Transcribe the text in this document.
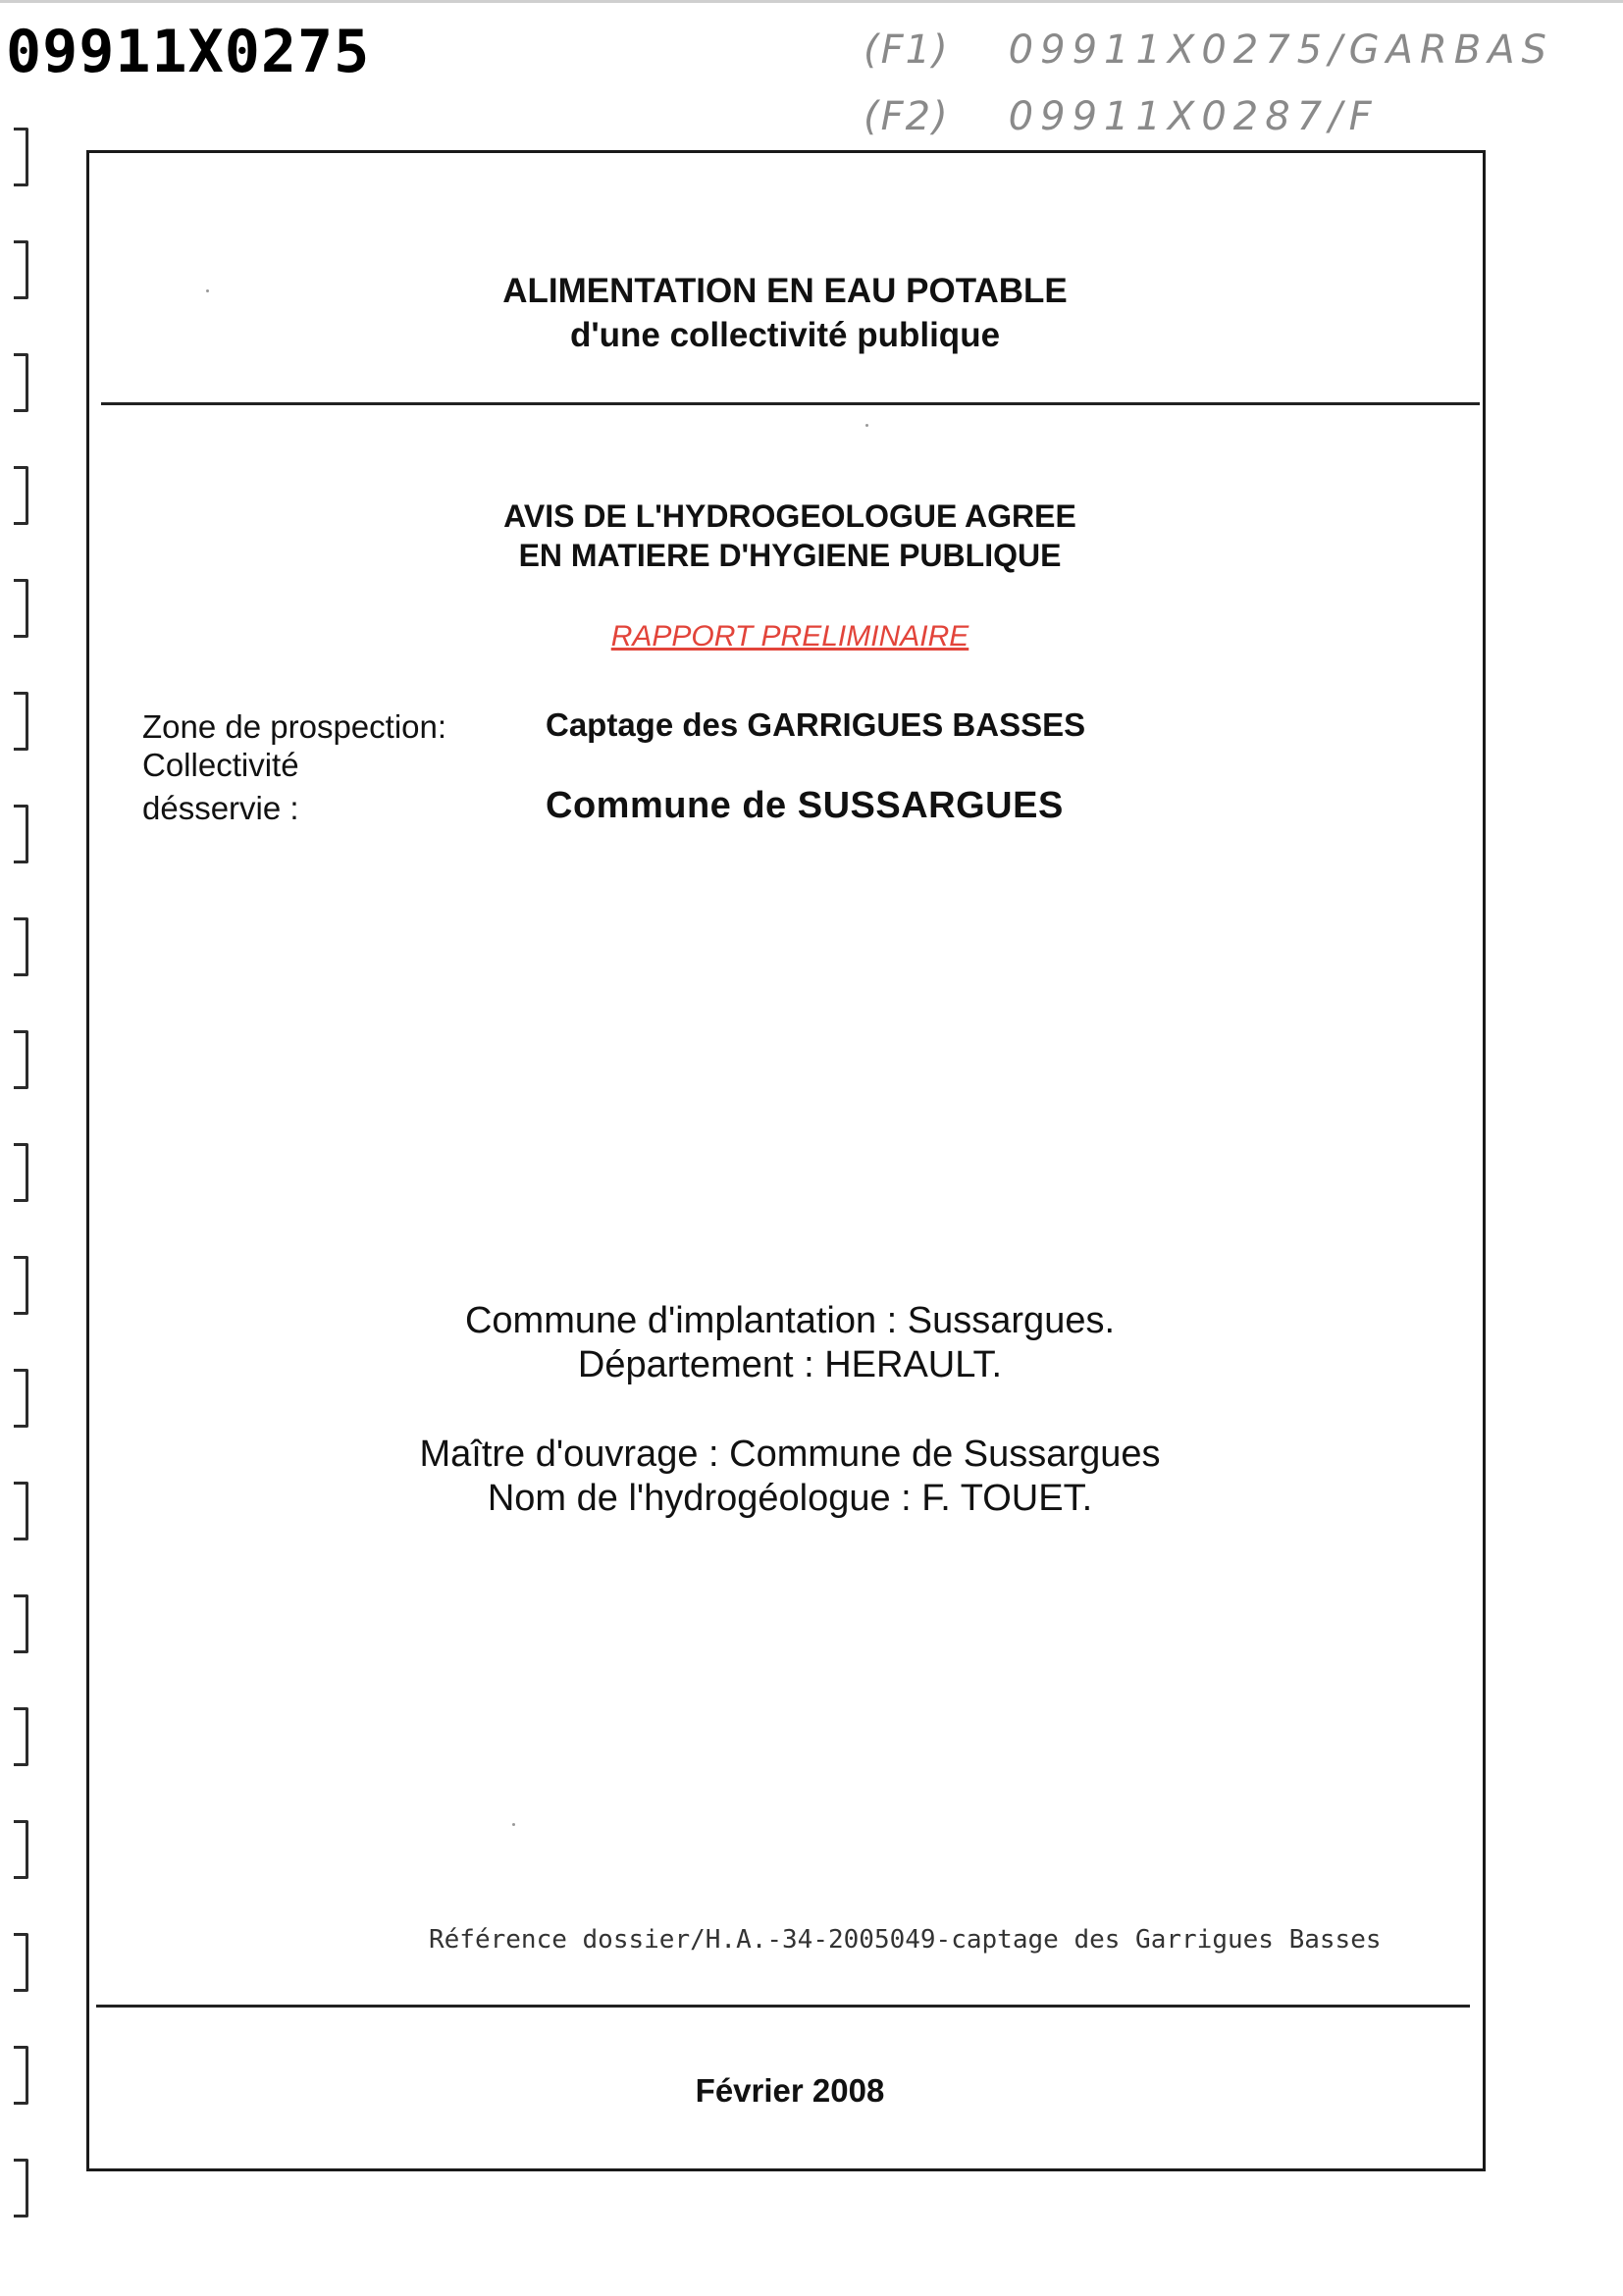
09911X0275	(F1) 09911X0275/GARBAS
(F2) 09911X0287/F
ALIMENTATION EN EAU POTABLE
d'une collectivité publique
AVIS DE L'HYDROGEOLOGUE AGREE
EN MATIERE D'HYGIENE PUBLIQUE
RAPPORT PRELIMINAIRE
Zone de prospection:
Collectivité
désservie :
Captage des GARRIGUES BASSES
Commune de SUSSARGUES
Commune d'implantation : Sussargues.
Département : HERAULT.
Maître d'ouvrage : Commune de Sussargues
Nom de l'hydrogéologue : F. TOUET.
Référence dossier/H.A.-34-2005049-captage des Garrigues Basses
Février 2008
